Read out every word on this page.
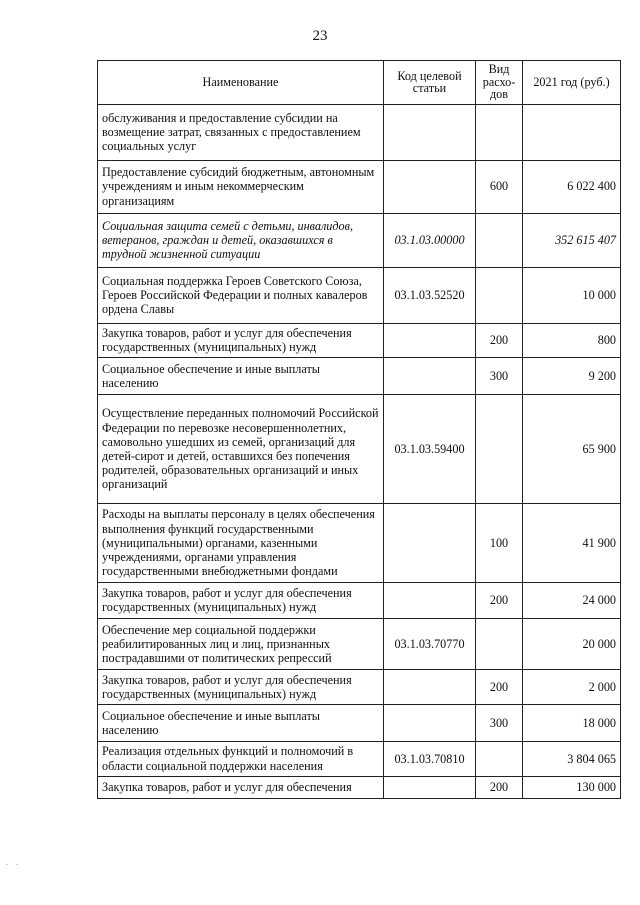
23
Наименование	Код целевой статьи	Вид расхо-дов	2021 год (руб.)
обслуживания и предоставление субсидии на возмещение затрат, связанных с предоставлением социальных услуг			
Предоставление субсидий бюджетным, автономным учреждениям и иным некоммерческим организациям		600	6 022 400
Социальная защита семей с детьми, инвалидов, ветеранов, граждан и детей, оказавшихся в трудной жизненной ситуации	03.1.03.00000		352 615 407
Социальная поддержка Героев Советского Союза, Героев Российской Федерации и полных кавалеров ордена Славы	03.1.03.52520		10 000
Закупка товаров, работ и услуг для обеспечения государственных (муниципальных) нужд		200	800
Социальное обеспечение и иные выплаты населению		300	9 200
Осуществление переданных полномочий Российской Федерации по перевозке несовершеннолетних, самовольно ушедших из семей, организаций для детей-сирот и детей, оставшихся без попечения родителей, образовательных организаций и иных организаций	03.1.03.59400		65 900
Расходы на выплаты персоналу в целях обеспечения выполнения функций государственными (муниципальными) органами, казенными учреждениями, органами управления государственными внебюджетными фондами		100	41 900
Закупка товаров, работ и услуг для обеспечения государственных (муниципальных) нужд		200	24 000
Обеспечение мер социальной поддержки реабилитированных лиц и лиц, признанных пострадавшими от политических репрессий	03.1.03.70770		20 000
Закупка товаров, работ и услуг для обеспечения государственных (муниципальных) нужд		200	2 000
Социальное обеспечение и иные выплаты населению		300	18 000
Реализация отдельных функций и полномочий в области социальной поддержки населения	03.1.03.70810		3 804 065
Закупка товаров, работ и услуг для обеспечения		200	130 000
. .
